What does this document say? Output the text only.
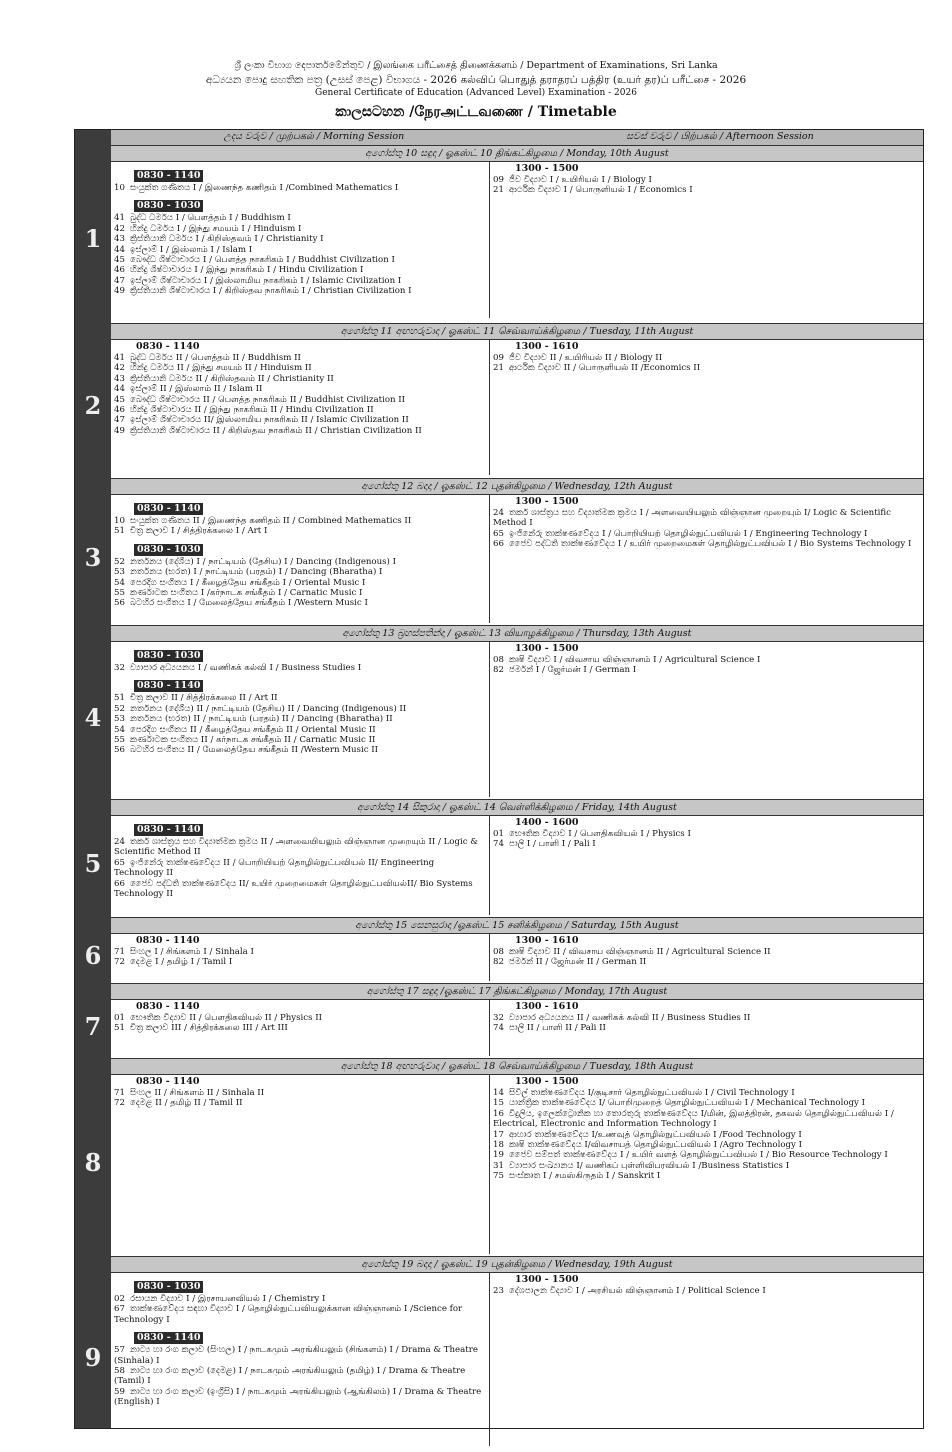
ශ්‍රී ලංකා විභාග දෙපාර්තමේන්තුව / இலங்கை பரீட்சைத் திணைக்களம் / Department of Examinations, Sri Lanka
අධ්‍යයන පොදු සහතික පත්‍ර (උසස් පෙළ) විභාගය - 2026 கல்விப் பொதுத் தராதரப் பத்திர (உயர் தர)ப் பரீட்சை - 2026
General Certificate of Education (Advanced Level) Examination - 2026
කාලසටහන /நேரஅட்டவணை / Timetable
උදය වරුව / முற்பகல் / Morning Session	සවස් වරුව / பிற்பகல் / Afternoon Session
අගෝස්තු 10 සඳුදා / ஓகஸ்ட் 10 திங்கட்கிழமை / Monday, 10th August
0830 - 1140
10 සංයුක්ත ගණිතය I / இணைந்த கணிதம் I /Combined Mathematics I
0830 - 1030
41 බුද්ධ ධර්මය I / பௌத்தம் I / Buddhism I
42 හින්දු ධර්මය I / இந்து சமயம் I / Hinduism I
43 ක්‍රිස්තියානි ධර්මය I / கிறிஸ்தவம் I / Christianity I
44 ඉස්ලාම් I / இஸ்லாம் I / Islam I
45 බෞද්ධ ශිෂ්ටාචාරය I / பௌத்த நாகரிகம் I / Buddhist Civilization I
46 හින්දු ශිෂ්ටාචාරය I / இந்து நாகரிகம் I / Hindu Civilization I
47 ඉස්ලාම් ශිෂ්ටාචාරය I / இஸ்லாமிய நாகரிகம் I / Islamic Civilization I
49 ක්‍රිස්තියානි ශිෂ්ටාචාරය I / கிறிஸ்தவ நாகரிகம் I / Christian Civilization I
1300 - 1500
09 ජීව විද්‍යාව I / உயிரியல் I / Biology I
21 ආර්ථික විද්‍යාව I / பொருளியல் I / Economics I
අගෝස්තු 11 අඟහරුවාදා / ஓகஸ்ட் 11 செவ்வாய்க்கிழமை / Tuesday, 11th August
0830 - 1140
41 බුද්ධ ධර්මය II / பௌத்தம் II / Buddhism II
42 හින්දු ධර්මය II / இந்து சமயம் II / Hinduism II
43 ක්‍රිස්තියානි ධර්මය II / கிறிஸ்தவம் II / Christianity II
44 ඉස්ලාම් II / இஸ்லாம் II / Islam II
45 බෞද්ධ ශිෂ්ටාචාරය II / பௌத்த நாகரிகம் II / Buddhist Civilization II
46 හින්දු ශිෂ්ටාචාරය II / இந்து நாகரிகம் II / Hindu Civilization II
47 ඉස්ලාම් ශිෂ්ටාචාරය II/ இஸ்லாமிய நாகரிகம் II / Islamic Civilization II
49 ක්‍රිස්තියානි ශිෂ්ටාචාරය II / கிறிஸ்தவ நாகரிகம் II / Christian Civilization II
1300 - 1610
09 ජීව විද්‍යාව II / உயிரியல் II / Biology II
21 ආර්ථික විද්‍යාව II / பொருளியல் II /Economics II
අගෝස්තු 12 බදාදා / ஓகஸ்ட் 12 புதன்கிழமை / Wednesday, 12th August
0830 - 1140
10 සංයුක්ත ගණිතය II / இணைந்த கணிதம் II / Combined Mathematics II
51 චිත්‍ර කලාව I / சித்திரக்கலை I / Art I
0830 - 1030
52 නර්තනය (දේශීය) I / நாட்டியம் (தேசிய) I / Dancing (Indigenous) I
53 නර්තනය (භරත) I / நாட்டியம் (பரதம்) I / Dancing (Bharatha) I
54 පෙරදිග සංගීතය I / கீழைத்தேய சங்கீதம் I / Oriental Music I
55 කර්ණාටක සංගීතය I /கர்நாடக சங்கீதம் I / Carnatic Music I
56 බටහිර සංගීතය I / மேலைத்தேய சங்கீதம் I /Western Music I
1300 - 1500
24 තර්ක ශාස්ත්‍රය සහ විද්‍යාත්මක ක්‍රමය I / அளவையியலும் விஞ்ஞான முறையும் I/ Logic & Scientific Method I
65 ඉංජිනේරු තාක්ෂණවේදය I / பொறியியற் தொழில்நுட்பவியல் I / Engineering Technology I
66 ජෛව පද්ධති තාක්ෂණවේදය I / உயிர் முறைமைகள் தொழில்நுட்பவியல் I / Bio Systems Technology I
අගෝස්තු 13 බ්‍රහස්පතින්දා / ஓகஸ்ட் 13 வியாழக்கிழமை / Thursday, 13th August
0830 - 1030
32 ව්‍යාපාර අධ්‍යයනය I / வணிகக் கல்வி I / Business Studies I
0830 - 1140
51 චිත්‍ර කලාව II / சித்திரக்கலை II / Art II
52 නර්තනය (දේශීය) II / நாட்டியம் (தேசிய) II / Dancing (Indigenous) II
53 නර්තනය (භරත) II / நாட்டியம் (பரதம்) II / Dancing (Bharatha) II
54 පෙරදිග සංගීතය II / கீழைத்தேய சங்கீதம் II / Oriental Music II
55 කර්ණාටක සංගීතය II / கர்நாடக சங்கீதம் II / Carnatic Music II
56 බටහිර සංගීතය II / மேலைத்தேய சங்கீதம் II /Western Music II
1300 - 1500
08 කෘෂි විද්‍යාව I / விவசாய விஞ்ஞானம் I / Agricultural Science I
82 ජර්මන් I / ஜேர்மன் I / German I
අගෝස්තු 14 සිකුරාදා / ஓகஸ்ட் 14 வெள்ளிக்கிழமை / Friday, 14th August
0830 - 1140
24 තර්ක ශාස්ත්‍රය සහ විද්‍යාත්මක ක්‍රමය II / அளவையியலும் விஞ்ஞான முறையும் II / Logic & Scientific Method II
65 ඉංජිනේරු තාක්ෂණවේදය II / பொறியியற் தொழில்நுட்பவியல் II/ Engineering Technology II
66 ජෛව පද්ධති තාක්ෂණවේදය II/ உயிர் முறைமைகள் தொழில்நுட்பவியல்II/ Bio Systems Technology II
1400 - 1600
01 භෞතික විද්‍යාව I / பௌதிகவியல் I / Physics I
74 පාලි I / பாளி I / Pali I
අගෝස්තු 15 සෙනසුරාදා /ஓகஸ்ட் 15 சனிக்கிழமை / Saturday, 15th August
0830 - 1140
71 සිංහල I / சிங்களம் I / Sinhala I
72 දෙමළ I / தமிழ் I / Tamil I
1300 - 1610
08 කෘෂි විද්‍යාව II / விவசாய விஞ்ஞானம் II / Agricultural Science II
82 ජර්මන් II / ஜேர்மன் II / German II
අගෝස්තු 17 සඳුදා /ஓகஸ்ட் 17 திங்கட்கிழமை / Monday, 17th August
0830 - 1140
01 භෞතික විද්‍යාව II / பௌதிகவியல் II / Physics II
51 චිත්‍ර කලාව III / சித்திரக்கலை III / Art III
1300 - 1610
32 ව්‍යාපාර අධ්‍යයනය II / வணிகக் கல்வி II / Business Studies II
74 පාලි II / பாளி II / Pali II
අගෝස්තු 18 අඟහරුවාදා / ஓகஸ்ட் 18 செவ்வாய்க்கிழமை / Tuesday, 18th August
0830 - 1140
71 සිංහල II / சிங்களம் II / Sinhala II
72 දෙමළ II / தமிழ் II / Tamil II
1300 - 1500
14 සිවිල් තාක්ෂණවේදය I/குடிசார் தொழில்நுட்பவியல் I / Civil Technology I
15 යාන්ත්‍රික තාක්ෂණවේදය I/ பொறிமுறைத் தொழில்நுட்பவியல் I / Mechanical Technology I
16 විදුලිය, ඉලෙක්ට්‍රොනික හා තොරතුරු තාක්ෂණවේදය I/மின், இலத்திரன், தகவல் தொழில்நுட்பவியல் I / Electrical, Electronic and Information Technology I
17 ආහාර තාක්ෂණවේදය I/உணவுத் தொழில்நுட்பவியல் I /Food Technology I
18 කෘෂි තාක්ෂණවේදය I/விவசாயத் தொழில்நுட்பவியல் I /Agro Technology I
19 ජෛව සම්පත් තාක්ෂණවේදය I / உயிர் வளத் தொழில்நுட்பவியல் I / Bio Resource Technology I
31 ව්‍යාපාර සංඛ්‍යානය I/ வணிகப் புள்ளிவிபரவியல் I /Business Statistics I
75 සංස්කෘත I / சமஸ்கிருதம் I / Sanskrit I
අගෝස්තු 19 බදාදා / ஓகஸ்ட் 19 புதன்கிழமை / Wednesday, 19th August
0830 - 1030
02 රසායන විද්‍යාව I / இரசாயனவியல் I / Chemistry I
67 තාක්ෂණවේදය සඳහා විද්‍යාව I / தொழில்நுட்பவியலுக்கான விஞ்ஞானம் I /Science for Technology I
0830 - 1140
57 නාට්‍ය හා රංග කලාව (සිංහල) I / நாடகமும் அரங்கியலும் (சிங்களம்) I / Drama & Theatre (Sinhala) I
58 නාට්‍ය හා රංග කලාව (දෙමළ) I / நாடகமும் அரங்கியலும் (தமிழ்) I / Drama & Theatre (Tamil) I
59 නාට්‍ය හා රංග කලාව (ඉංග්‍රීසි) I / நாடகமும் அரங்கியலும் (ஆங்கிலம்) I / Drama & Theatre (English) I
1300 - 1500
23 දේශපාලන විද්‍යාව I / அரசியல் விஞ்ஞானம் I / Political Science I
1
2
3
4
5
6
7
8
9
